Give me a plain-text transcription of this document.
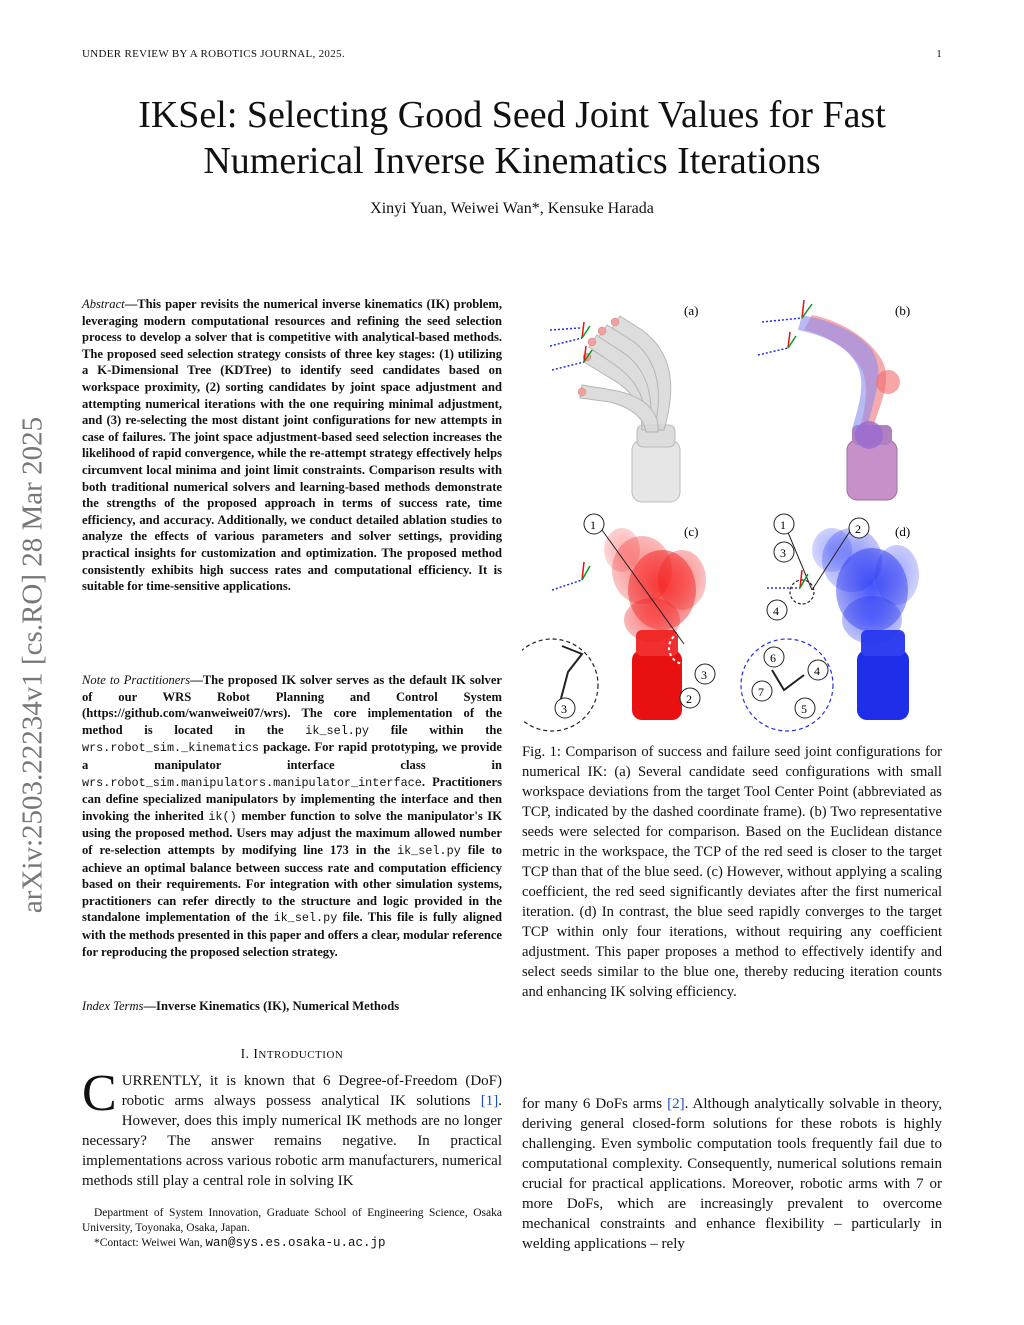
UNDER REVIEW BY A ROBOTICS JOURNAL, 2025.	1
IKSel: Selecting Good Seed Joint Values for Fast
Numerical Inverse Kinematics Iterations
Xinyi Yuan, Weiwei Wan*, Kensuke Harada
arXiv:2503.22234v1 [cs.RO] 28 Mar 2025
Abstract—This paper revisits the numerical inverse kinematics (IK) problem, leveraging modern computational resources and refining the seed selection process to develop a solver that is competitive with analytical-based methods. The proposed seed selection strategy consists of three key stages: (1) utilizing a K-Dimensional Tree (KDTree) to identify seed candidates based on workspace proximity, (2) sorting candidates by joint space adjustment and attempting numerical iterations with the one requiring minimal adjustment, and (3) re-selecting the most distant joint configurations for new attempts in case of failures. The joint space adjustment-based seed selection increases the likelihood of rapid convergence, while the re-attempt strategy effectively helps circumvent local minima and joint limit constraints. Comparison results with both traditional numerical solvers and learning-based methods demonstrate the strengths of the proposed approach in terms of success rate, time efficiency, and accuracy. Additionally, we conduct detailed ablation studies to analyze the effects of various parameters and solver settings, providing practical insights for customization and optimization. The proposed method consistently exhibits high success rates and computational efficiency. It is suitable for time-sensitive applications.
Note to Practitioners—The proposed IK solver serves as the default IK solver of our WRS Robot Planning and Control System (https://github.com/wanweiwei07/wrs). The core implementation of the method is located in the ik_sel.py file within the wrs.robot_sim._kinematics package. For rapid prototyping, we provide a manipulator interface class in wrs.robot_sim.manipulators.manipulator_interface. Practitioners can define specialized manipulators by implementing the interface and then invoking the inherited ik() member function to solve the manipulator's IK using the proposed method. Users may adjust the maximum allowed number of re-selection attempts by modifying line 173 in the ik_sel.py file to achieve an optimal balance between success rate and computation efficiency based on their requirements. For integration with other simulation systems, practitioners can refer directly to the structure and logic provided in the standalone implementation of the ik_sel.py file. This file is fully aligned with the methods presented in this paper and offers a clear, modular reference for reproducing the proposed selection strategy.
Index Terms—Inverse Kinematics (IK), Numerical Methods
I. INTRODUCTION
CURRENTLY, it is known that 6 Degree-of-Freedom (DoF) robotic arms always possess analytical IK solutions [1]. However, does this imply numerical IK methods are no longer necessary? The answer remains negative. In practical implementations across various robotic arm manufacturers, numerical methods still play a central role in solving IK
Department of System Innovation, Graduate School of Engineering Science, Osaka University, Toyonaka, Osaka, Japan.
*Contact: Weiwei Wan, wan@sys.es.osaka-u.ac.jp
(a)	(b)
1
2
3
3
(c)	1	2
3
4
6
4
7
5
(d)
Fig. 1: Comparison of success and failure seed joint configurations for numerical IK: (a) Several candidate seed configurations with small workspace deviations from the target Tool Center Point (abbreviated as TCP, indicated by the dashed coordinate frame). (b) Two representative seeds were selected for comparison. Based on the Euclidean distance metric in the workspace, the TCP of the red seed is closer to the target TCP than that of the blue seed. (c) However, without applying a scaling coefficient, the red seed significantly deviates after the first numerical iteration. (d) In contrast, the blue seed rapidly converges to the target TCP within only four iterations, without requiring any coefficient adjustment. This paper proposes a method to effectively identify and select seeds similar to the blue one, thereby reducing iteration counts and enhancing IK solving efficiency.
for many 6 DoFs arms [2]. Although analytically solvable in theory, deriving general closed-form solutions for these robots is highly challenging. Even symbolic computation tools frequently fail due to computational complexity. Consequently, numerical solutions remain crucial for practical applications. Moreover, robotic arms with 7 or more DoFs, which are increasingly prevalent to overcome mechanical constraints and enhance flexibility – particularly in welding applications – rely
